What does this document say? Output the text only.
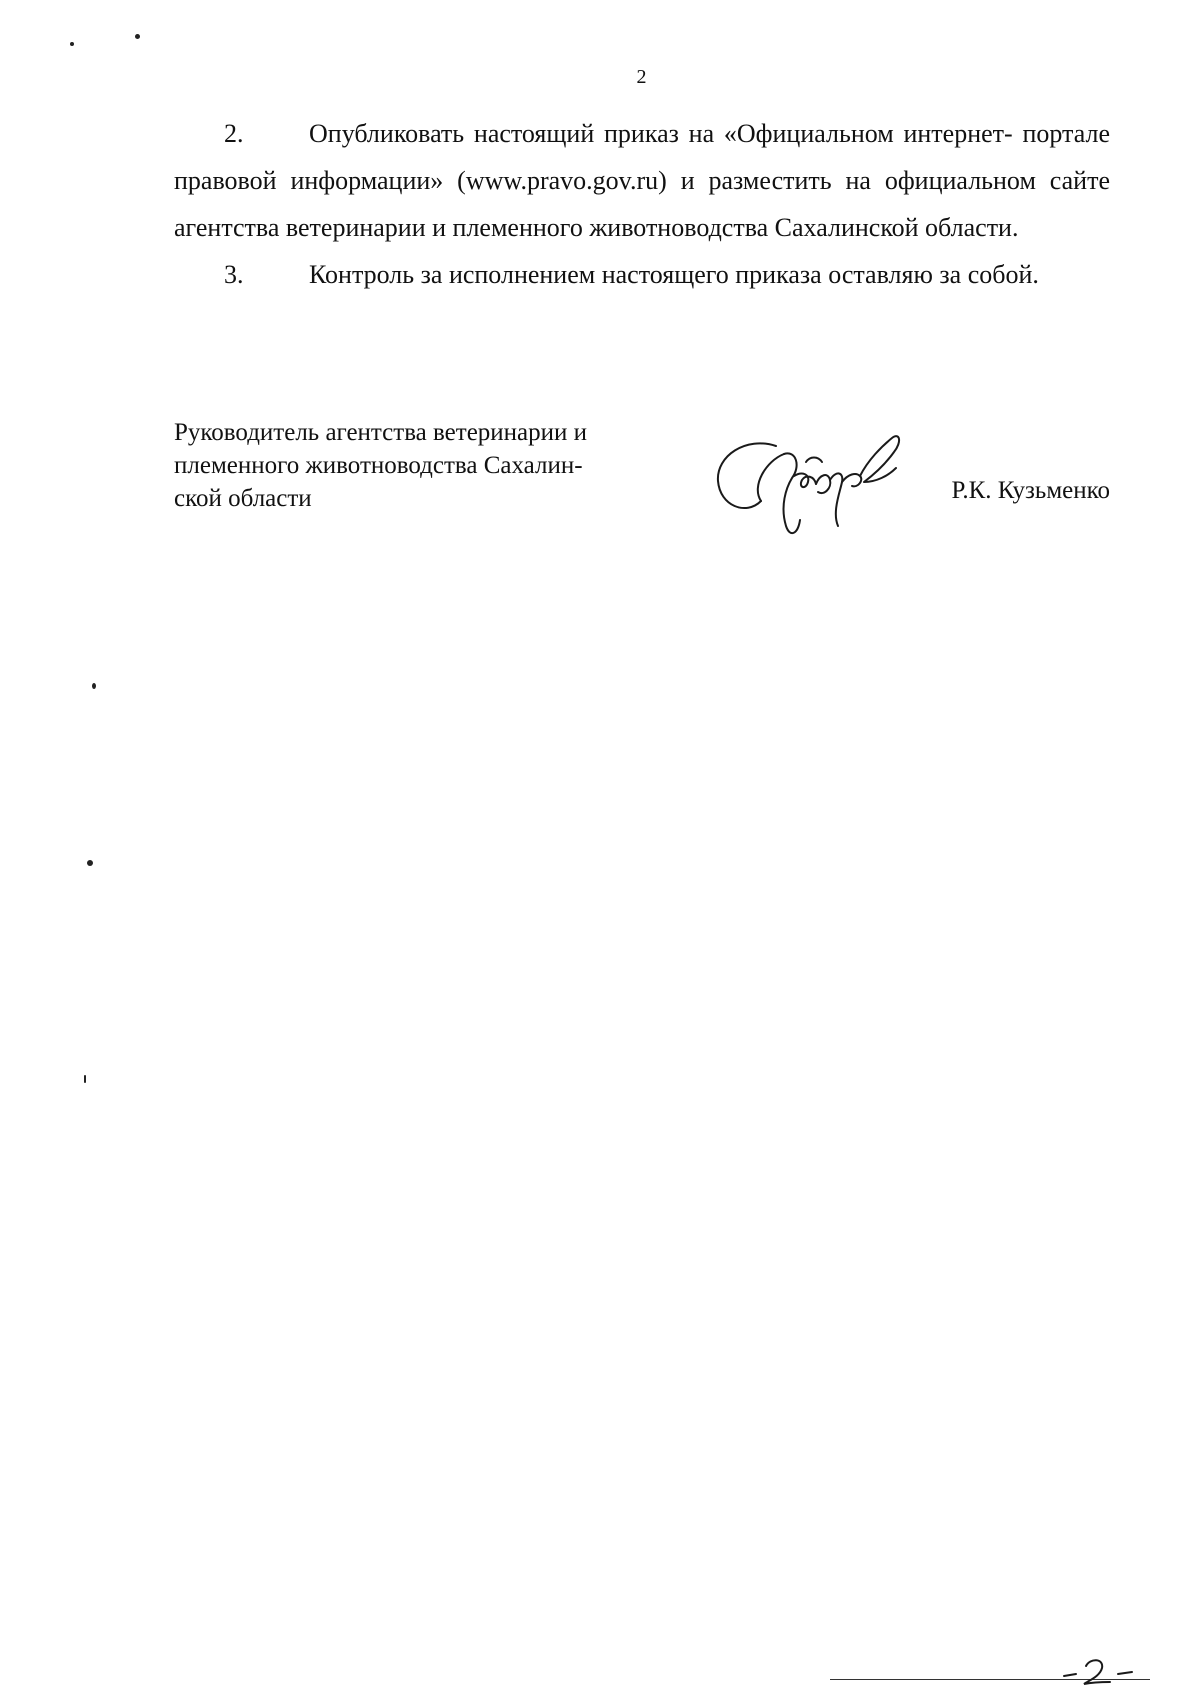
2

2.	Опубликовать настоящий приказ на «Официальном интернет- портале правовой информации» (www.pravo.gov.ru) и разместить на официальном сайте агентства ветеринарии и племенного животноводства Сахалинской области.

3.	Контроль за исполнением настоящего приказа оставляю за собой.

Руководитель агентства ветеринарии и
племенного животноводства Сахалин-
ской области	Р.К. Кузьменко
